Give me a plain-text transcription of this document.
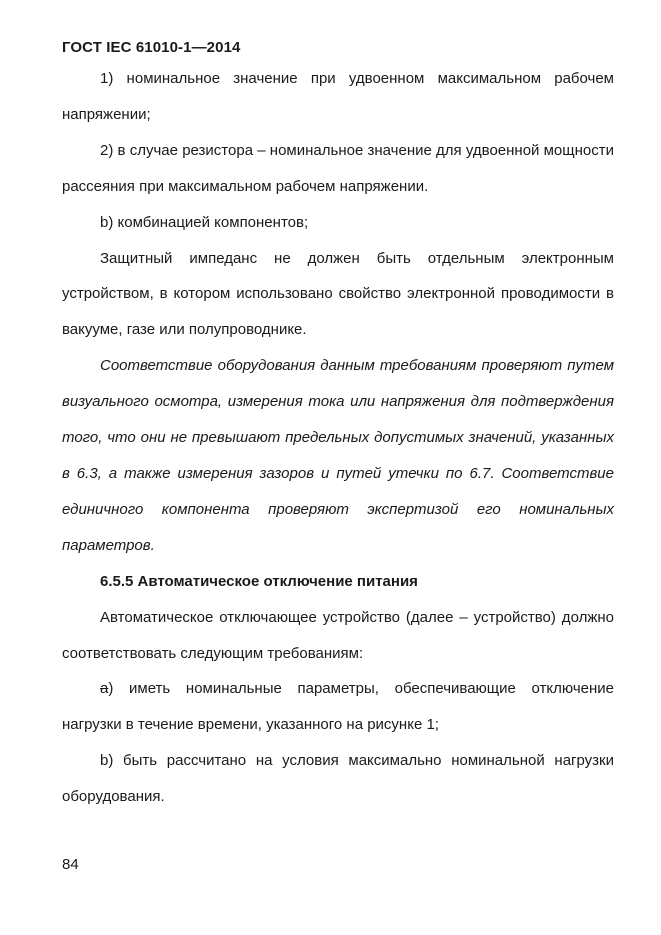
ГОСТ IEC 61010-1—2014

1) номинальное значение при удвоенном максимальном рабочем напряжении;

2) в случае резистора – номинальное значение для удвоенной мощности рассеяния при максимальном рабочем напряжении.

b) комбинацией компонентов;

Защитный импеданс не должен быть отдельным электронным устройством, в котором использовано свойство электронной проводимости в вакууме, газе или полупроводнике.

Соответствие оборудования данным требованиям проверяют путем визуального осмотра, измерения тока или напряжения для подтверждения того, что они не превышают предельных допустимых значений, указанных в 6.3, а также измерения зазоров и путей утечки по 6.7. Соответствие единичного компонента проверяют экспертизой его номинальных параметров.

6.5.5 Автоматическое отключение питания

Автоматическое отключающее устройство (далее – устройство) должно соответствовать следующим требованиям:

а) иметь номинальные параметры, обеспечивающие отключение нагрузки в течение времени, указанного на рисунке 1;

b) быть рассчитано на условия максимально номинальной нагрузки оборудования.

84
